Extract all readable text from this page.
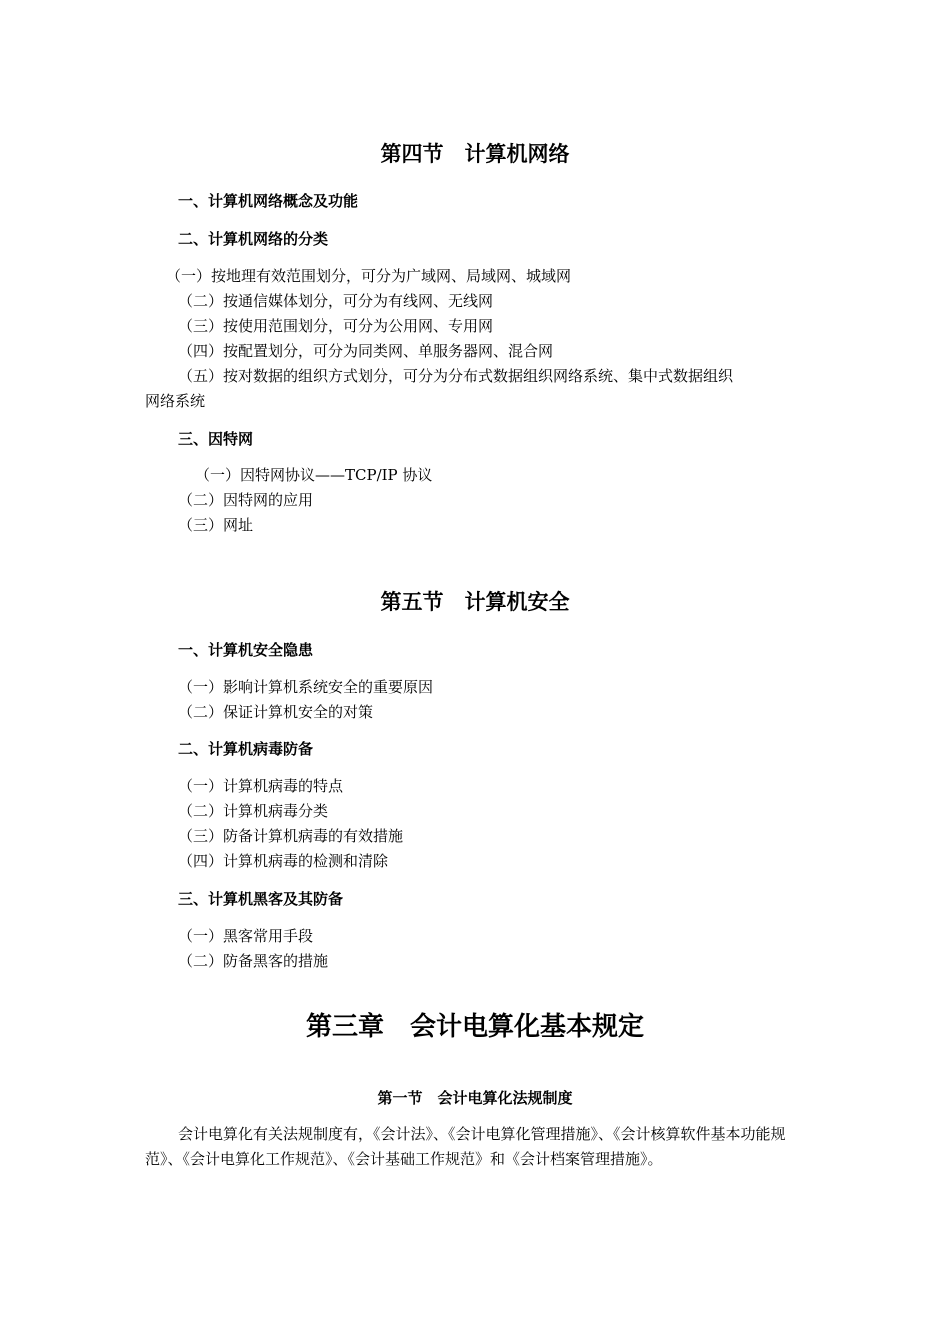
第四节　计算机网络
一、计算机网络概念及功能
二、计算机网络的分类
（一）按地理有效范围划分，可分为广域网、局域网、城域网
（二）按通信媒体划分，可分为有线网、无线网
（三）按使用范围划分，可分为公用网、专用网
（四）按配置划分，可分为同类网、单服务器网、混合网
（五）按对数据的组织方式划分，可分为分布式数据组织网络系统、集中式数据组织
网络系统
三、因特网
（一）因特网协议——TCP/IP 协议
（二）因特网的应用
（三）网址
第五节　计算机安全
一、计算机安全隐患
（一）影响计算机系统安全的重要原因
（二）保证计算机安全的对策
二、计算机病毒防备
（一）计算机病毒的特点
（二）计算机病毒分类
（三）防备计算机病毒的有效措施
（四）计算机病毒的检测和清除
三、计算机黑客及其防备
（一）黑客常用手段
（二）防备黑客的措施
第三章　会计电算化基本规定
第一节　会计电算化法规制度
会计电算化有关法规制度有，《会计法》、《会计电算化管理措施》、《会计核算软件基本功能规范》、《会计电算化工作规范》、《会计基础工作规范》和《会计档案管理措施》。
